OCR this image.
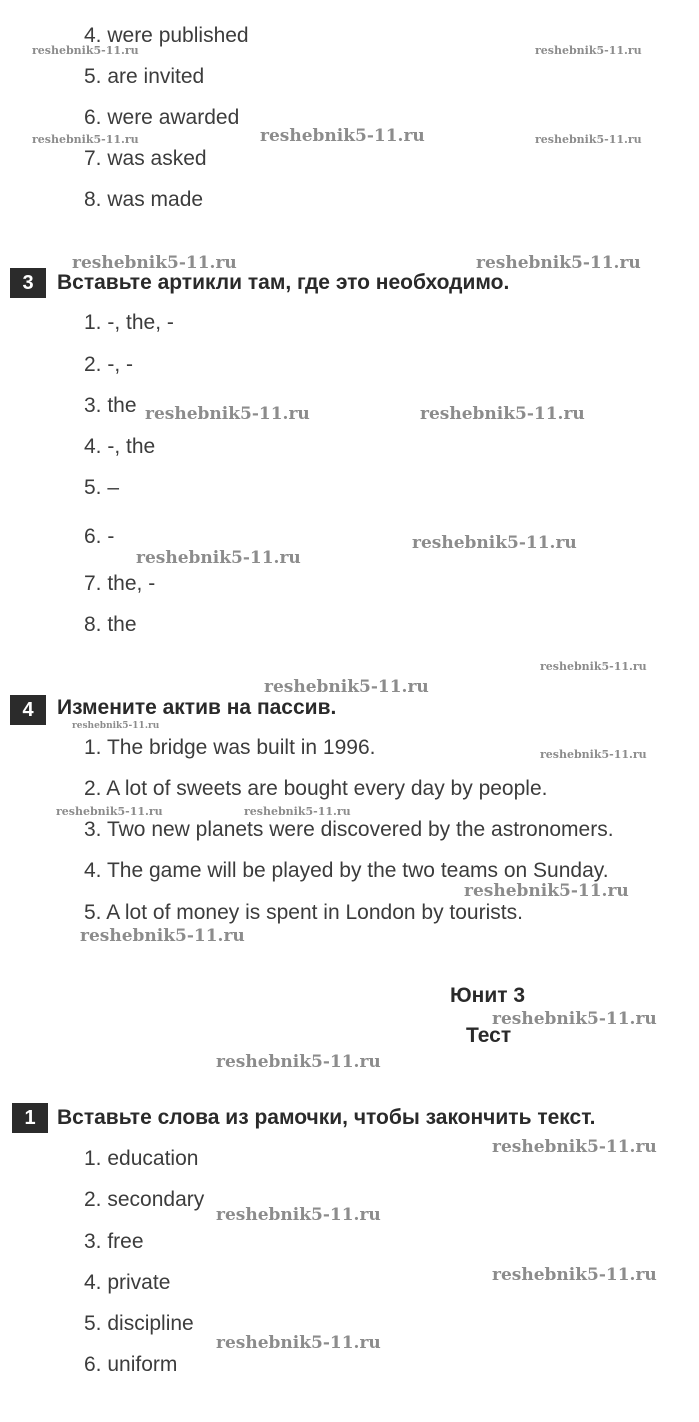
4. were published
5. are invited
6. were awarded
7. was asked
8. was made
3	Вставьте артикли там, где это необходимо.
1. -, the, -
2. -, -
3. the
4. -, the
5. –
6. -
7. the, -
8. the
4	Измените актив на пассив.
1. The bridge was built in 1996.
2. A lot of sweets are bought every day by people.
3. Two new planets were discovered by the astronomers.
4. The game will be played by the two teams on Sunday.
5. A lot of money is spent in London by tourists.
Юнит 3
Тест
1	Вставьте слова из рамочки, чтобы закончить текст.
1. education
2. secondary
3. free
4. private
5. discipline
6. uniform
reshebnik5-11.ru	reshebnik5-11.ru
reshebnik5-11.ru	reshebnik5-11.ru	reshebnik5-11.ru
reshebnik5-11.ru	reshebnik5-11.ru
reshebnik5-11.ru	reshebnik5-11.ru
reshebnik5-11.ru
reshebnik5-11.ru
reshebnik5-11.ru
reshebnik5-11.ru
reshebnik5-11.ru
reshebnik5-11.ru
reshebnik5-11.ru	reshebnik5-11.ru
reshebnik5-11.ru
reshebnik5-11.ru
reshebnik5-11.ru
reshebnik5-11.ru
reshebnik5-11.ru
reshebnik5-11.ru
reshebnik5-11.ru
reshebnik5-11.ru
